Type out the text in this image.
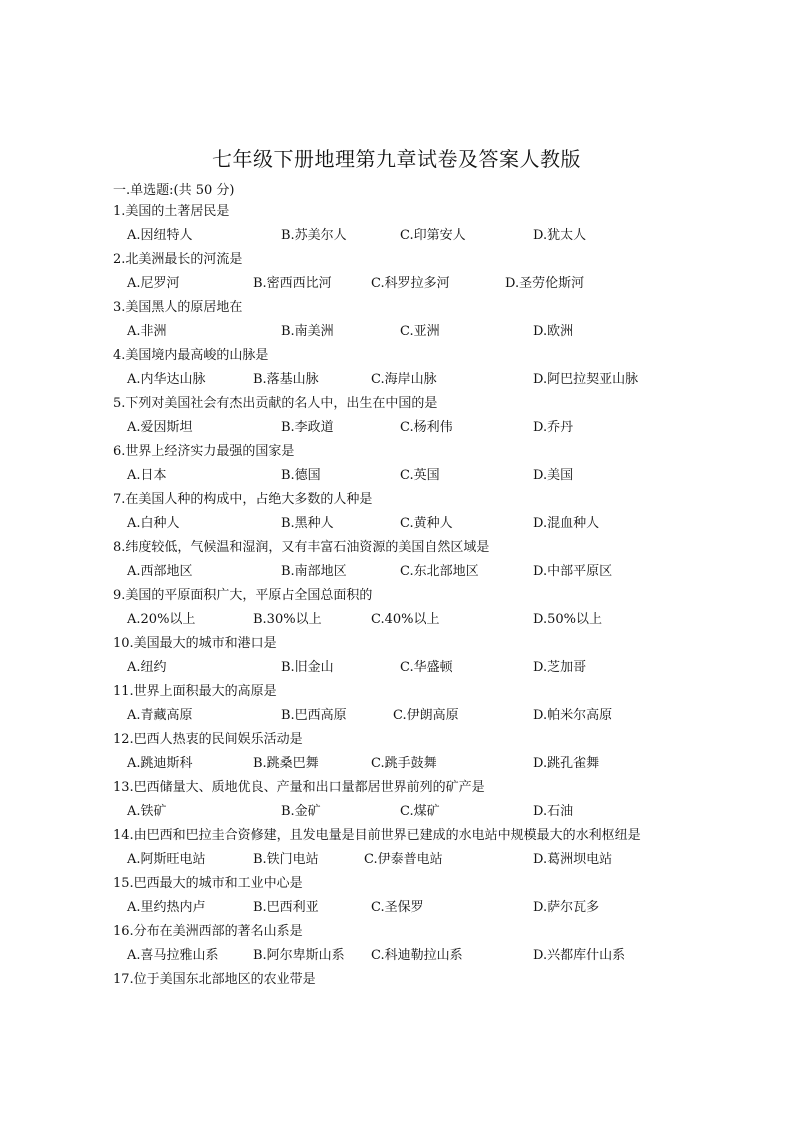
七年级下册地理第九章试卷及答案人教版
一.单选题:(共 50 分)
1.美国的土著居民是
A.因纽特人	B.苏美尔人	C.印第安人	D.犹太人
2.北美洲最长的河流是
A.尼罗河	B.密西西比河	C.科罗拉多河	D.圣劳伦斯河
3.美国黑人的原居地在
A.非洲	B.南美洲	C.亚洲	D.欧洲
4.美国境内最高峻的山脉是
A.内华达山脉	B.落基山脉	C.海岸山脉	D.阿巴拉契亚山脉
5.下列对美国社会有杰出贡献的名人中，出生在中国的是
A.爱因斯坦	B.李政道	C.杨利伟	D.乔丹
6.世界上经济实力最强的国家是
A.日本	B.德国	C.英国	D.美国
7.在美国人种的构成中，占绝大多数的人种是
A.白种人	B.黑种人	C.黄种人	D.混血种人
8.纬度较低，气候温和湿润，又有丰富石油资源的美国自然区域是
A.西部地区	B.南部地区	C.东北部地区	D.中部平原区
9.美国的平原面积广大，平原占全国总面积的
A.20%以上	B.30%以上	C.40%以上	D.50%以上
10.美国最大的城市和港口是
A.纽约	B.旧金山	C.华盛顿	D.芝加哥
11.世界上面积最大的高原是
A.青藏高原	B.巴西高原	C.伊朗高原	D.帕米尔高原
12.巴西人热衷的民间娱乐活动是
A.跳迪斯科	B.跳桑巴舞	C.跳手鼓舞	D.跳孔雀舞
13.巴西储量大、质地优良、产量和出口量都居世界前列的矿产是
A.铁矿	B.金矿	C.煤矿	D.石油
14.由巴西和巴拉圭合资修建，且发电量是目前世界已建成的水电站中规模最大的水利枢纽是
A.阿斯旺电站	B.铁门电站	C.伊泰普电站	D.葛洲坝电站
15.巴西最大的城市和工业中心是
A.里约热内卢	B.巴西利亚	C.圣保罗	D.萨尔瓦多
16.分布在美洲西部的著名山系是
A.喜马拉雅山系	B.阿尔卑斯山系 C.科迪勒拉山系	D.兴都库什山系
17.位于美国东北部地区的农业带是
